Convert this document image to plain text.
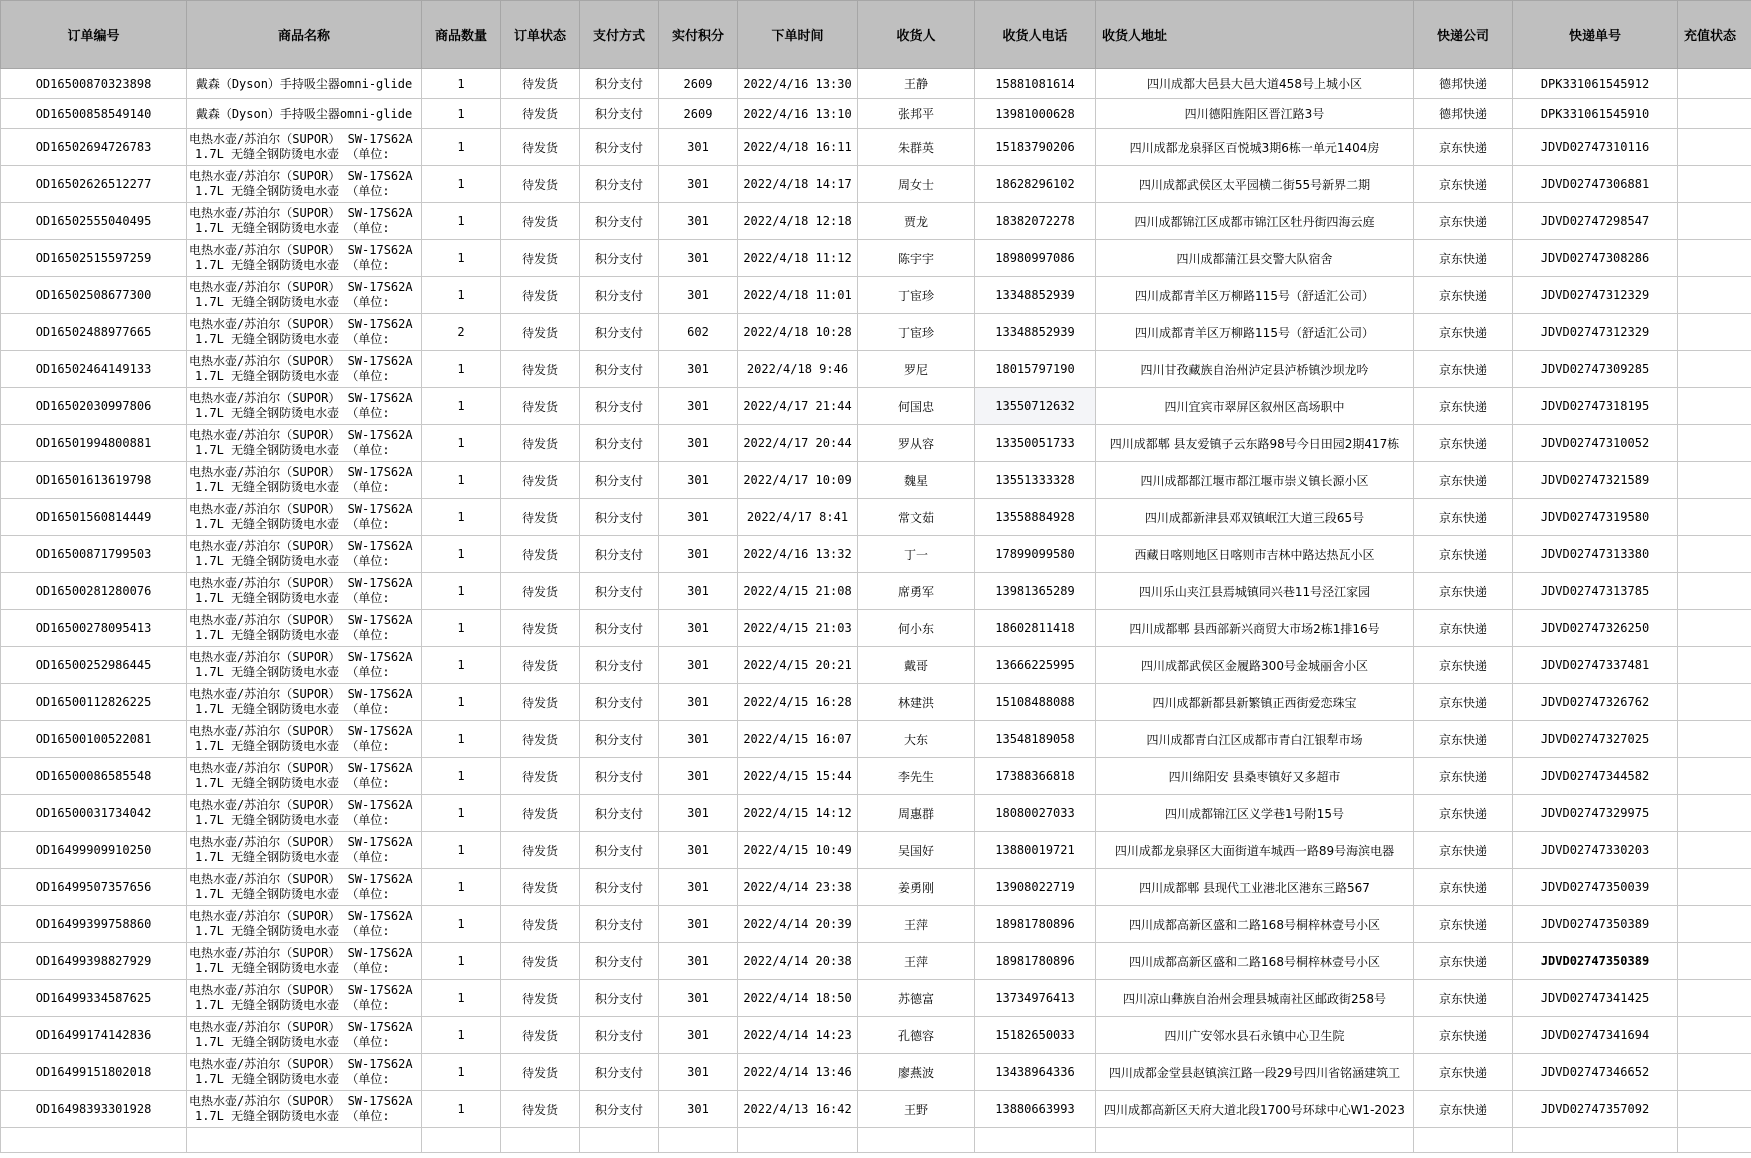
订单编号	商品名称	商品数量	订单状态	支付方式	实付积分	下单时间	收货人	收货人电话	收货人地址	快递公司	快递单号	充值状态
OD16500870323898	戴森（Dyson）手持吸尘器omni-glide	1	待发货	积分支付	2609	2022/4/16 13:30	王静	15881081614	四川成都大邑县大邑大道458号上城小区	德邦快递	DPK331061545912	
OD16500858549140	戴森（Dyson）手持吸尘器omni-glide	1	待发货	积分支付	2609	2022/4/16 13:10	张邦平	13981000628	四川德阳旌阳区晋江路3号	德邦快递	DPK331061545910	
OD16502694726783	电热水壶/苏泊尔（SUPOR） SW-17S62A
1.7L 无缝全钢防烫电水壶 （单位:	1	待发货	积分支付	301	2022/4/18 16:11	朱群英	15183790206	四川成都龙泉驿区百悦城3期6栋一单元1404房	京东快递	JDVD02747310116	
OD16502626512277	电热水壶/苏泊尔（SUPOR） SW-17S62A
1.7L 无缝全钢防烫电水壶 （单位:	1	待发货	积分支付	301	2022/4/18 14:17	周女士	18628296102	四川成都武侯区太平园横二街55号新界二期	京东快递	JDVD02747306881	
OD16502555040495	电热水壶/苏泊尔（SUPOR） SW-17S62A
1.7L 无缝全钢防烫电水壶 （单位:	1	待发货	积分支付	301	2022/4/18 12:18	贾龙	18382072278	四川成都锦江区成都市锦江区牡丹街四海云庭	京东快递	JDVD02747298547	
OD16502515597259	电热水壶/苏泊尔（SUPOR） SW-17S62A
1.7L 无缝全钢防烫电水壶 （单位:	1	待发货	积分支付	301	2022/4/18 11:12	陈宇宇	18980997086	四川成都蒲江县交警大队宿舍	京东快递	JDVD02747308286	
OD16502508677300	电热水壶/苏泊尔（SUPOR） SW-17S62A
1.7L 无缝全钢防烫电水壶 （单位:	1	待发货	积分支付	301	2022/4/18 11:01	丁宦珍	13348852939	四川成都青羊区万柳路115号（舒适汇公司）	京东快递	JDVD02747312329	
OD16502488977665	电热水壶/苏泊尔（SUPOR） SW-17S62A
1.7L 无缝全钢防烫电水壶 （单位:	2	待发货	积分支付	602	2022/4/18 10:28	丁宦珍	13348852939	四川成都青羊区万柳路115号（舒适汇公司）	京东快递	JDVD02747312329	
OD16502464149133	电热水壶/苏泊尔（SUPOR） SW-17S62A
1.7L 无缝全钢防烫电水壶 （单位:	1	待发货	积分支付	301	2022/4/18 9:46	罗尼	18015797190	四川甘孜藏族自治州泸定县泸桥镇沙坝龙吟	京东快递	JDVD02747309285	
OD16502030997806	电热水壶/苏泊尔（SUPOR） SW-17S62A
1.7L 无缝全钢防烫电水壶 （单位:	1	待发货	积分支付	301	2022/4/17 21:44	何国忠	13550712632	四川宜宾市翠屏区叙州区高场职中	京东快递	JDVD02747318195	
OD16501994800881	电热水壶/苏泊尔（SUPOR） SW-17S62A
1.7L 无缝全钢防烫电水壶 （单位:	1	待发货	积分支付	301	2022/4/17 20:44	罗从容	13350051733	四川成都郫 县友爱镇子云东路98号今日田园2期417栋	京东快递	JDVD02747310052	
OD16501613619798	电热水壶/苏泊尔（SUPOR） SW-17S62A
1.7L 无缝全钢防烫电水壶 （单位:	1	待发货	积分支付	301	2022/4/17 10:09	魏星	13551333328	四川成都都江堰市都江堰市崇义镇长源小区	京东快递	JDVD02747321589	
OD16501560814449	电热水壶/苏泊尔（SUPOR） SW-17S62A
1.7L 无缝全钢防烫电水壶 （单位:	1	待发货	积分支付	301	2022/4/17 8:41	常文茹	13558884928	四川成都新津县邓双镇岷江大道三段65号	京东快递	JDVD02747319580	
OD16500871799503	电热水壶/苏泊尔（SUPOR） SW-17S62A
1.7L 无缝全钢防烫电水壶 （单位:	1	待发货	积分支付	301	2022/4/16 13:32	丁一	17899099580	西藏日喀则地区日喀则市吉林中路达热瓦小区	京东快递	JDVD02747313380	
OD16500281280076	电热水壶/苏泊尔（SUPOR） SW-17S62A
1.7L 无缝全钢防烫电水壶 （单位:	1	待发货	积分支付	301	2022/4/15 21:08	席勇军	13981365289	四川乐山夹江县焉城镇同兴巷11号泾江家园	京东快递	JDVD02747313785	
OD16500278095413	电热水壶/苏泊尔（SUPOR） SW-17S62A
1.7L 无缝全钢防烫电水壶 （单位:	1	待发货	积分支付	301	2022/4/15 21:03	何小东	18602811418	四川成都郫 县西部新兴商贸大市场2栋1排16号	京东快递	JDVD02747326250	
OD16500252986445	电热水壶/苏泊尔（SUPOR） SW-17S62A
1.7L 无缝全钢防烫电水壶 （单位:	1	待发货	积分支付	301	2022/4/15 20:21	戴哥	13666225995	四川成都武侯区金履路300号金城丽舍小区	京东快递	JDVD02747337481	
OD16500112826225	电热水壶/苏泊尔（SUPOR） SW-17S62A
1.7L 无缝全钢防烫电水壶 （单位:	1	待发货	积分支付	301	2022/4/15 16:28	林建洪	15108488088	四川成都新都县新繁镇正西街爱恋珠宝	京东快递	JDVD02747326762	
OD16500100522081	电热水壶/苏泊尔（SUPOR） SW-17S62A
1.7L 无缝全钢防烫电水壶 （单位:	1	待发货	积分支付	301	2022/4/15 16:07	大东	13548189058	四川成都青白江区成都市青白江银犁市场	京东快递	JDVD02747327025	
OD16500086585548	电热水壶/苏泊尔（SUPOR） SW-17S62A
1.7L 无缝全钢防烫电水壶 （单位:	1	待发货	积分支付	301	2022/4/15 15:44	李先生	17388366818	四川绵阳安 县桑枣镇好又多超市	京东快递	JDVD02747344582	
OD16500031734042	电热水壶/苏泊尔（SUPOR） SW-17S62A
1.7L 无缝全钢防烫电水壶 （单位:	1	待发货	积分支付	301	2022/4/15 14:12	周惠群	18080027033	四川成都锦江区义学巷1号附15号	京东快递	JDVD02747329975	
OD16499909910250	电热水壶/苏泊尔（SUPOR） SW-17S62A
1.7L 无缝全钢防烫电水壶 （单位:	1	待发货	积分支付	301	2022/4/15 10:49	吴国好	13880019721	四川成都龙泉驿区大面街道车城西一路89号海滨电器	京东快递	JDVD02747330203	
OD16499507357656	电热水壶/苏泊尔（SUPOR） SW-17S62A
1.7L 无缝全钢防烫电水壶 （单位:	1	待发货	积分支付	301	2022/4/14 23:38	姜勇刚	13908022719	四川成都郫 县现代工业港北区港东三路567	京东快递	JDVD02747350039	
OD16499399758860	电热水壶/苏泊尔（SUPOR） SW-17S62A
1.7L 无缝全钢防烫电水壶 （单位:	1	待发货	积分支付	301	2022/4/14 20:39	王萍	18981780896	四川成都高新区盛和二路168号桐梓林壹号小区	京东快递	JDVD02747350389	
OD16499398827929	电热水壶/苏泊尔（SUPOR） SW-17S62A
1.7L 无缝全钢防烫电水壶 （单位:	1	待发货	积分支付	301	2022/4/14 20:38	王萍	18981780896	四川成都高新区盛和二路168号桐梓林壹号小区	京东快递	JDVD02747350389	
OD16499334587625	电热水壶/苏泊尔（SUPOR） SW-17S62A
1.7L 无缝全钢防烫电水壶 （单位:	1	待发货	积分支付	301	2022/4/14 18:50	苏德富	13734976413	四川凉山彝族自治州会理县城南社区邮政街258号	京东快递	JDVD02747341425	
OD16499174142836	电热水壶/苏泊尔（SUPOR） SW-17S62A
1.7L 无缝全钢防烫电水壶 （单位:	1	待发货	积分支付	301	2022/4/14 14:23	孔德容	15182650033	四川广安邻水县石永镇中心卫生院	京东快递	JDVD02747341694	
OD16499151802018	电热水壶/苏泊尔（SUPOR） SW-17S62A
1.7L 无缝全钢防烫电水壶 （单位:	1	待发货	积分支付	301	2022/4/14 13:46	廖燕波	13438964336	四川成都金堂县赵镇滨江路一段29号四川省铭涵建筑工	京东快递	JDVD02747346652	
OD16498393301928	电热水壶/苏泊尔（SUPOR） SW-17S62A
1.7L 无缝全钢防烫电水壶 （单位:	1	待发货	积分支付	301	2022/4/13 16:42	王野	13880663993	四川成都高新区天府大道北段1700号环球中心W1-2023	京东快递	JDVD02747357092	
